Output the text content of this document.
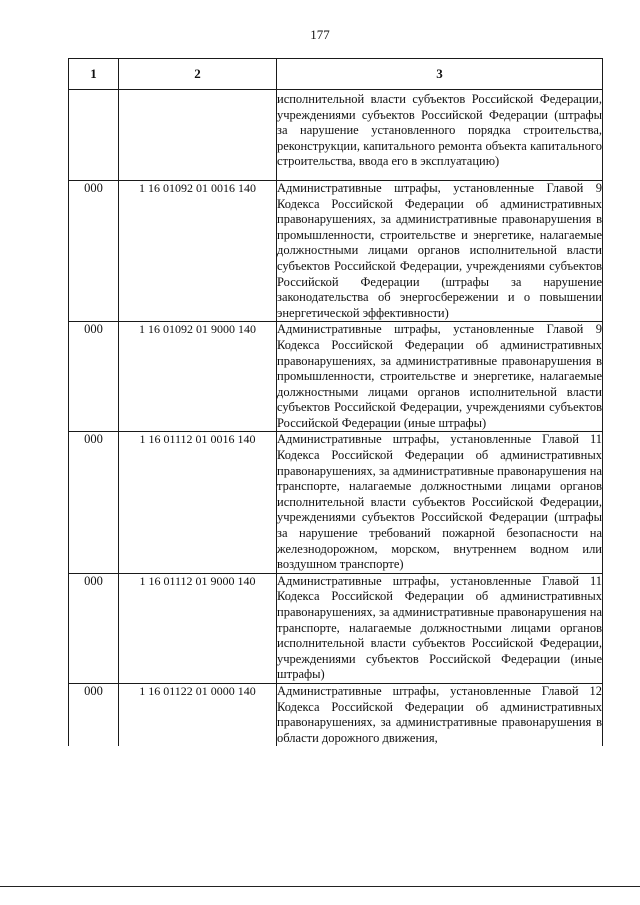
177
1	2	3
		исполнительной власти субъектов Российской Федерации, учреждениями субъектов Российской Федерации (штрафы за нарушение установленного порядка строительства, реконструкции, капитального ремонта объекта капитального строительства, ввода его в эксплуатацию)
000	1 16 01092 01 0016 140	Административные штрафы, установленные Главой 9 Кодекса Российской Федерации об административных правонарушениях, за административные правонарушения в промышленности, строительстве и энергетике, налагаемые должностными лицами органов исполнительной власти субъектов Российской Федерации, учреждениями субъектов Российской Федерации (штрафы за нарушение законодательства об энергосбережении и о повышении энергетической эффективности)
000	1 16 01092 01 9000 140	Административные штрафы, установленные Главой 9 Кодекса Российской Федерации об административных правонарушениях, за административные правонарушения в промышленности, строительстве и энергетике, налагаемые должностными лицами органов исполнительной власти субъектов Российской Федерации, учреждениями субъектов Российской Федерации (иные штрафы)
000	1 16 01112 01 0016 140	Административные штрафы, установленные Главой 11 Кодекса Российской Федерации об административных правонарушениях, за административные правонарушения на транспорте, налагаемые должностными лицами органов исполнительной власти субъектов Российской Федерации, учреждениями субъектов Российской Федерации (штрафы за нарушение требований пожарной безопасности на железнодорожном, морском, внутреннем водном или воздушном транспорте)
000	1 16 01112 01 9000 140	Административные штрафы, установленные Главой 11 Кодекса Российской Федерации об административных правонарушениях, за административные правонарушения на транспорте, налагаемые должностными лицами органов исполнительной власти субъектов Российской Федерации, учреждениями субъектов Российской Федерации (иные штрафы)
000	1 16 01122 01 0000 140	Административные штрафы, установленные Главой 12 Кодекса Российской Федерации об административных правонарушениях, за административные правонарушения в области дорожного движения,
